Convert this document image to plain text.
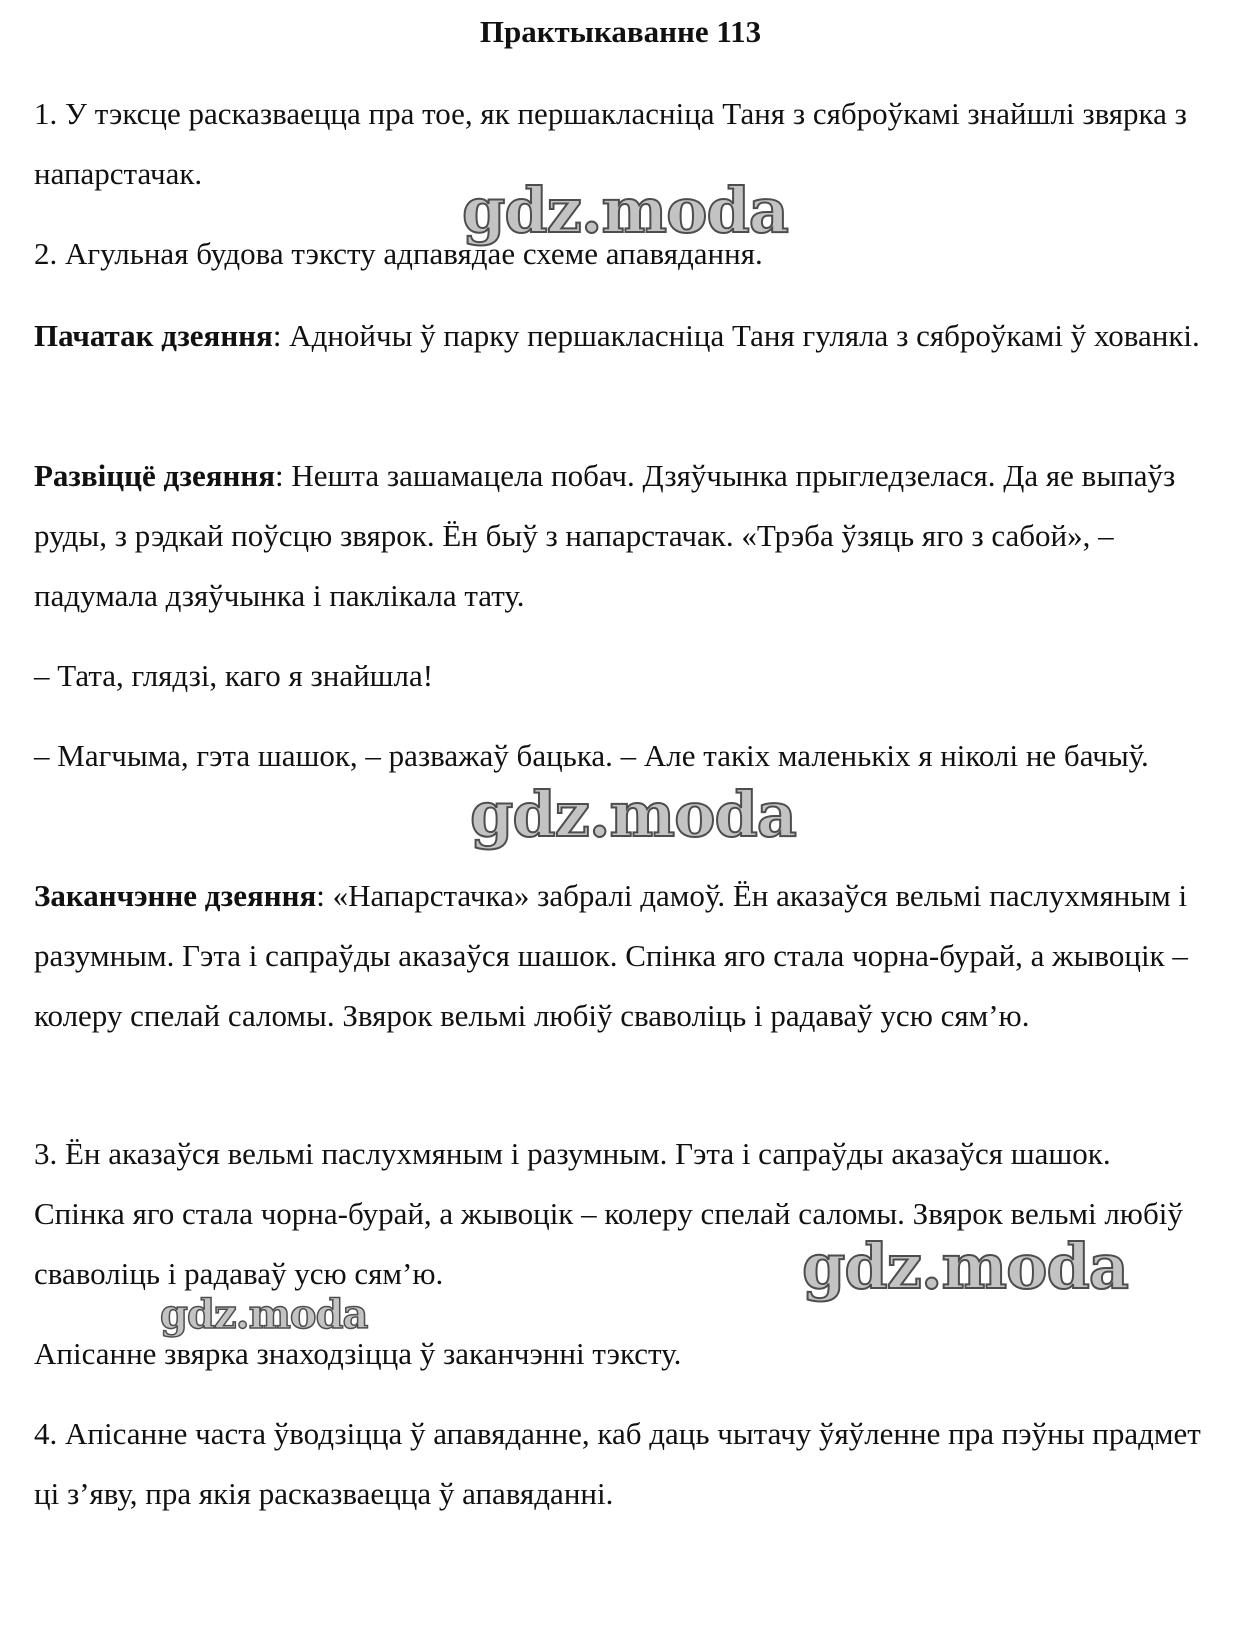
Практыкаванне 113

1. У тэксце расказваецца пра тое, як першакласніца Таня з сяброўкамі знайшлі звярка з напарстачак.

2. Агульная будова тэксту адпавядае схеме апавядання.

Пачатак дзеяння: Аднойчы ў парку першакласніца Таня гуляла з сяброўкамі ў хованкі.

Развіццё дзеяння: Нешта зашамацела побач. Дзяўчынка прыгледзелася. Да яе выпаўз руды, з рэдкай поўсцю звярок. Ён быў з напарстачак. «Трэба ўзяць яго з сабой», – падумала дзяўчынка і паклікала тату.

– Тата, глядзі, каго я знайшла!

– Магчыма, гэта шашок, – разважаў бацька. – Але такіх маленькіх я ніколі не бачыў.

Заканчэнне дзеяння: «Напарстачка» забралі дамоў. Ён аказаўся вельмі паслухмяным і разумным. Гэта і сапраўды аказаўся шашок. Спінка яго стала чорна-бурай, а жывоцік – колеру спелай саломы. Звярок вельмі любіў сваволіць і радаваў усю сям’ю.

3. Ён аказаўся вельмі паслухмяным і разумным. Гэта і сапраўды аказаўся шашок. Спінка яго стала чорна-бурай, а жывоцік – колеру спелай саломы. Звярок вельмі любіў сваволіць і радаваў усю сям’ю.

Апісанне звярка знаходзіцца ў заканчэнні тэксту.

4. Апісанне часта ўводзіцца ў апавяданне, каб даць чытачу ўяўленне пра пэўны прадмет ці з’яву, пра якія расказваецца ў апавяданні.

gdz.moda
gdz.moda
gdz.moda
gdz.moda
